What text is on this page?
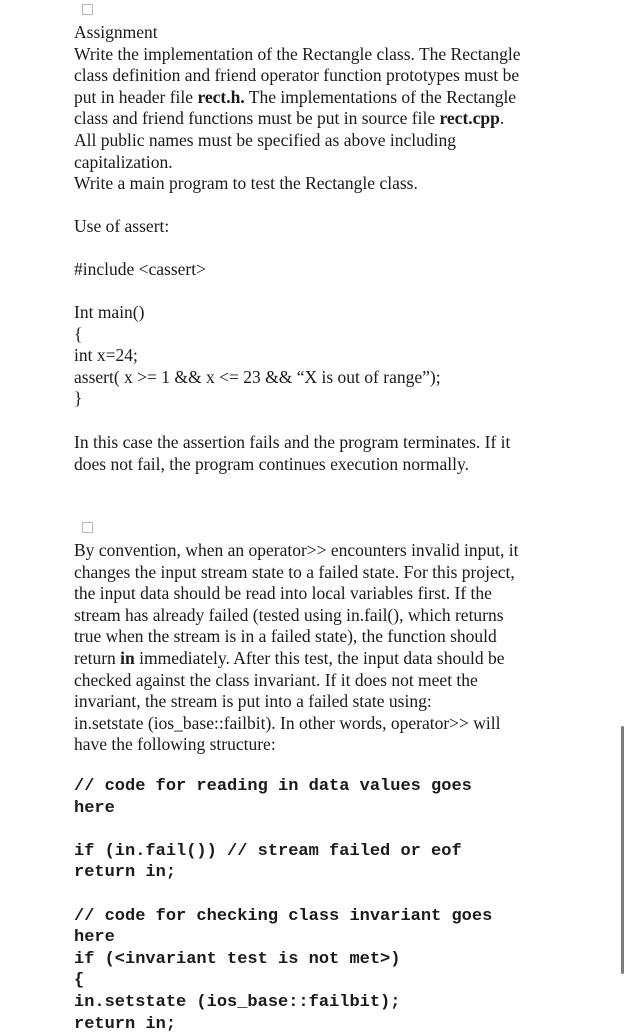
Assignment
Write the implementation of the Rectangle class. The Rectangle
class definition and friend operator function prototypes must be
put in header file rect.h. The implementations of the Rectangle
class and friend functions must be put in source file rect.cpp.
All public names must be specified as above including
capitalization.
Write a main program to test the Rectangle class.
Use of assert:
#include <cassert>
Int main()
{
int x=24;
assert( x >= 1 && x <= 23 && “X is out of range”);
}
In this case the assertion fails and the program terminates. If it
does not fail, the program continues execution normally.
By convention, when an operator>> encounters invalid input, it
changes the input stream state to a failed state. For this project,
the input data should be read into local variables first. If the
stream has already failed (tested using in.fail(), which returns
true when the stream is in a failed state), the function should
return in immediately. After this test, the input data should be
checked against the class invariant. If it does not meet the
invariant, the stream is put into a failed state using:
in.setstate (ios_base::failbit). In other words, operator>> will
have the following structure:
// code for reading in data values goes
here
if (in.fail()) // stream failed or eof
return in;
// code for checking class invariant goes
here
if (<invariant test is not met>)
{
in.setstate (ios_base::failbit);
return in;
